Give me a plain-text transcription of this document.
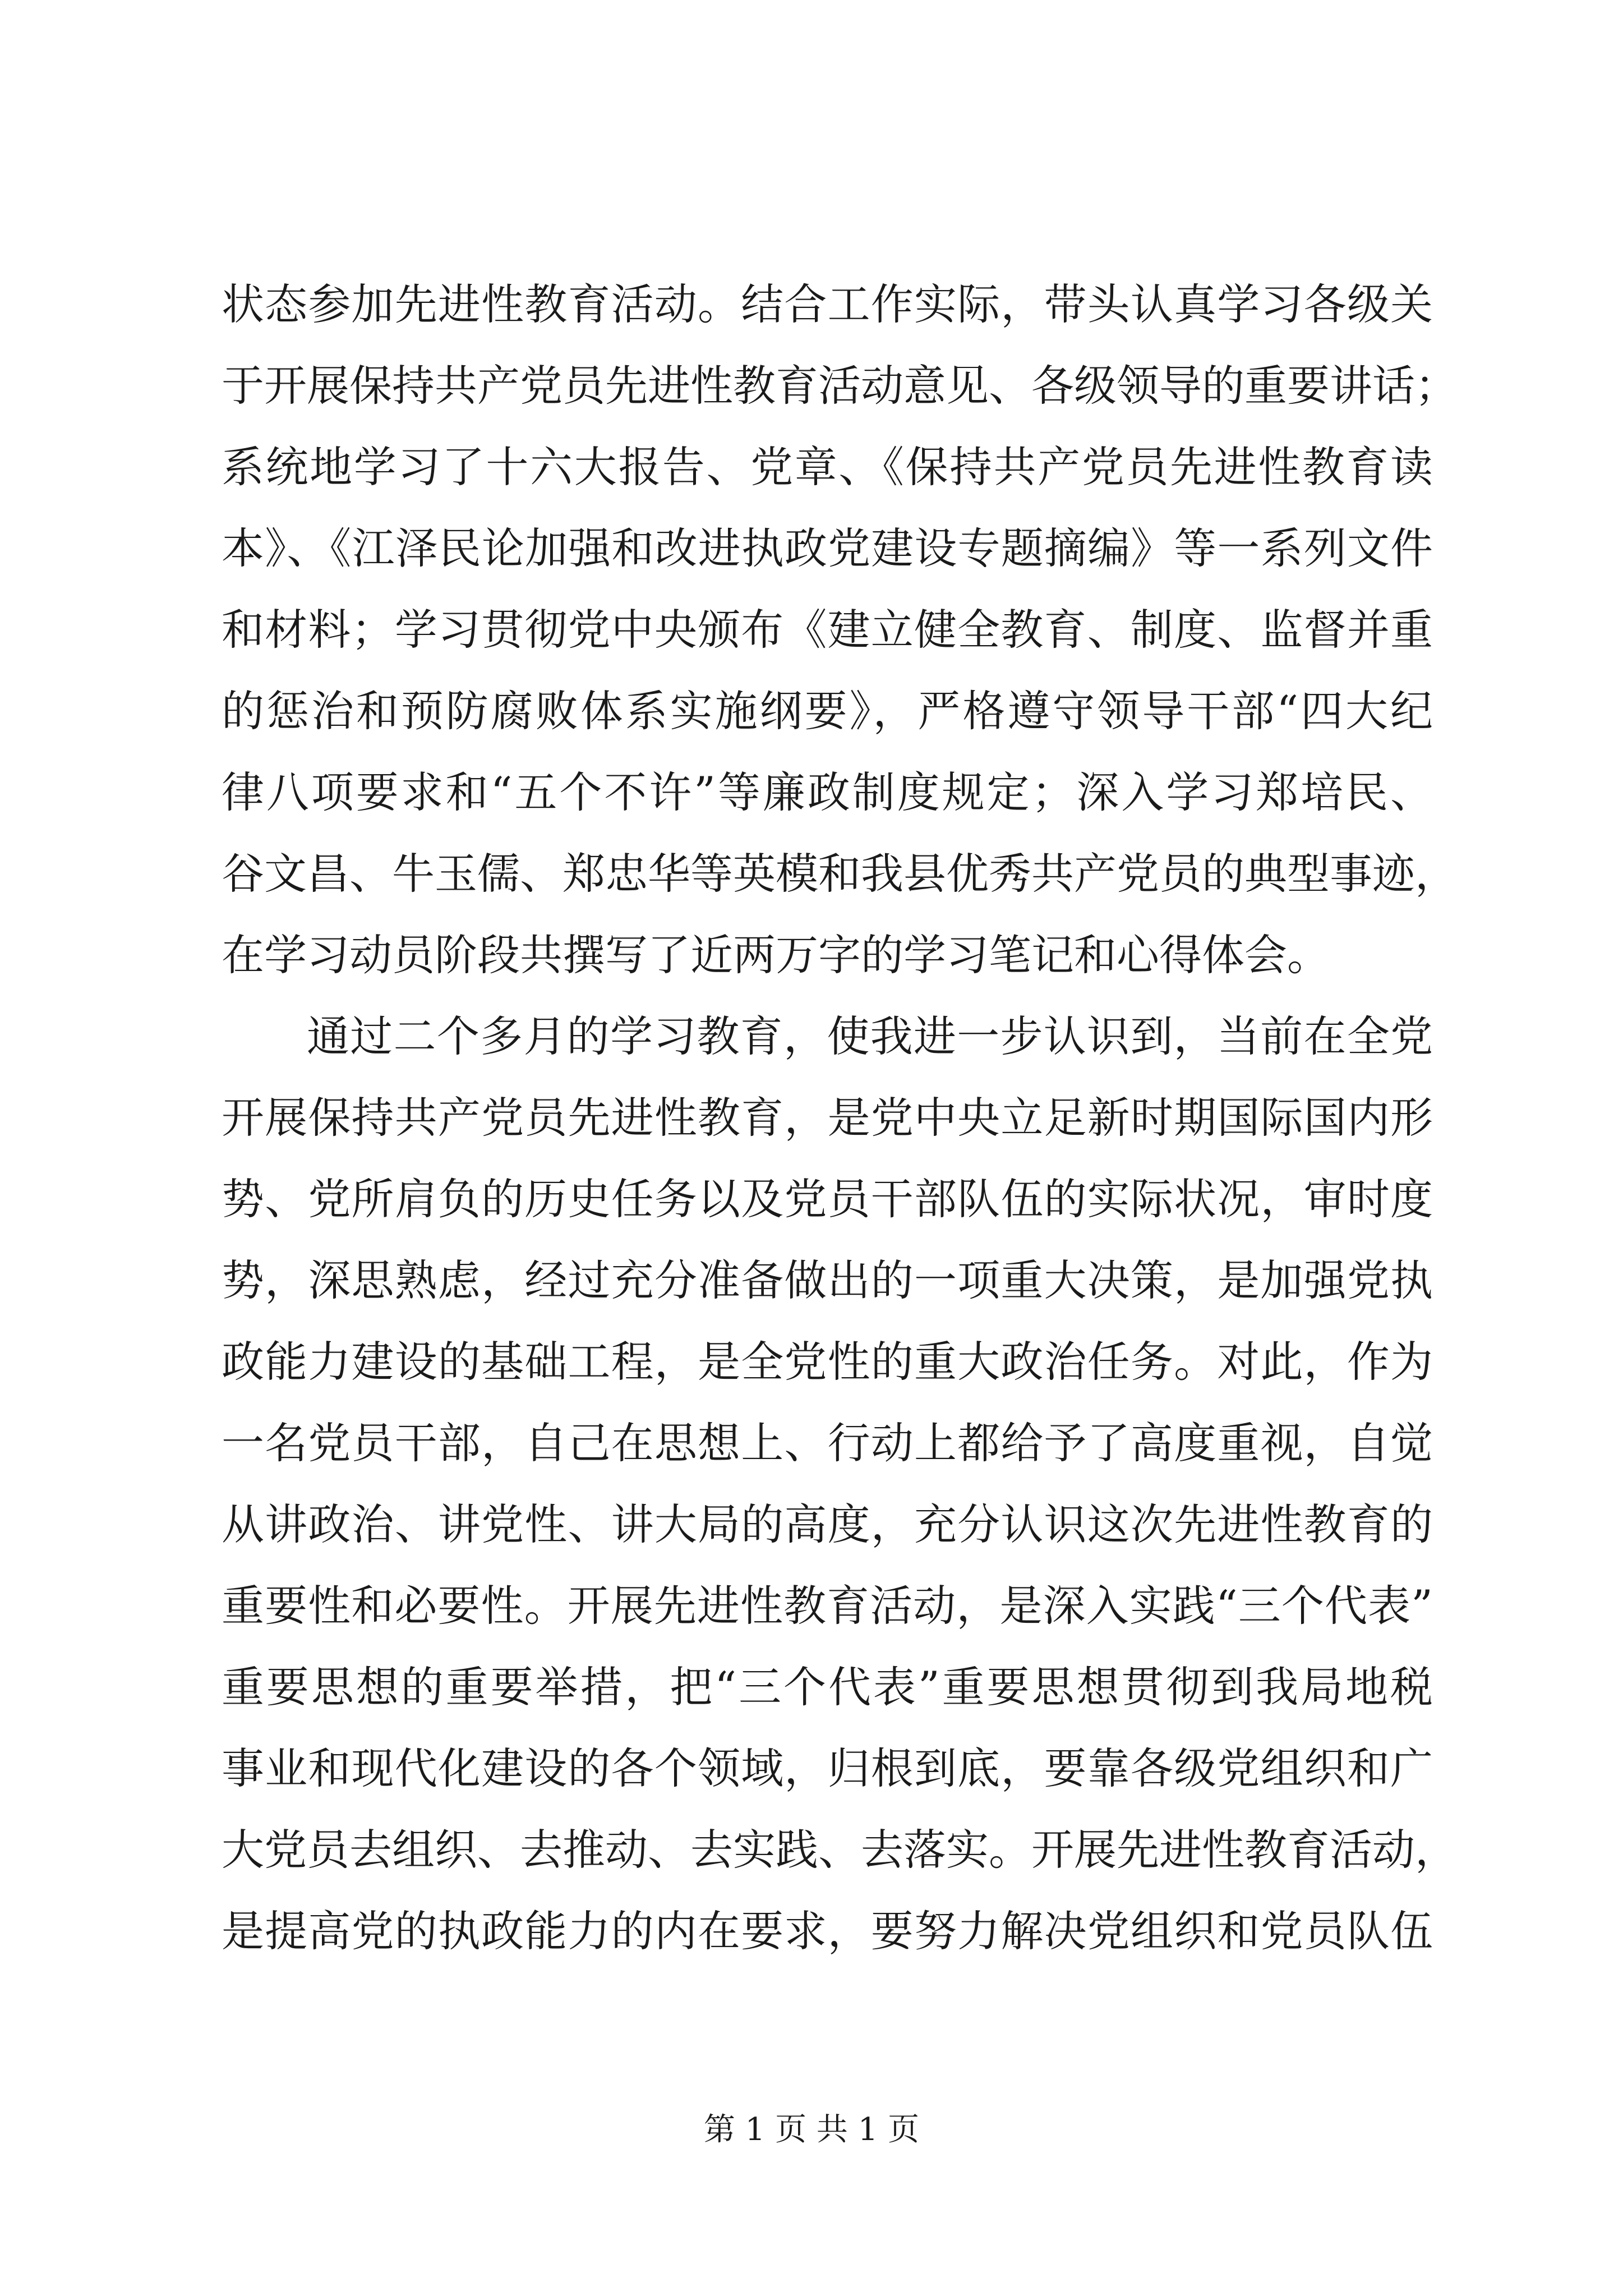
状态参加先进性教育活动。结合工作实际，带头认真学习各级关
于开展保持共产党员先进性教育活动意见、各级领导的重要讲话；
系统地学习了十六大报告、党章、《保持共产党员先进性教育读
本》、《江泽民论加强和改进执政党建设专题摘编》等一系列文件
和材料；学习贯彻党中央颁布《建立健全教育、制度、监督并重
的惩治和预防腐败体系实施纲要》，严格遵守领导干部“四大纪
律八项要求和“五个不许”等廉政制度规定；深入学习郑培民、
谷文昌、牛玉儒、郑忠华等英模和我县优秀共产党员的典型事迹，
在学习动员阶段共撰写了近两万字的学习笔记和心得体会。
通过二个多月的学习教育，使我进一步认识到，当前在全党
开展保持共产党员先进性教育，是党中央立足新时期国际国内形
势、党所肩负的历史任务以及党员干部队伍的实际状况，审时度
势，深思熟虑，经过充分准备做出的一项重大决策，是加强党执
政能力建设的基础工程，是全党性的重大政治任务。对此，作为
一名党员干部，自己在思想上、行动上都给予了高度重视，自觉
从讲政治、讲党性、讲大局的高度，充分认识这次先进性教育的
重要性和必要性。开展先进性教育活动，是深入实践“三个代表”
重要思想的重要举措，把“三个代表”重要思想贯彻到我局地税
事业和现代化建设的各个领域，归根到底，要靠各级党组织和广
大党员去组织、去推动、去实践、去落实。开展先进性教育活动，
是提高党的执政能力的内在要求，要努力解决党组织和党员队伍
第 1 页 共 1 页
